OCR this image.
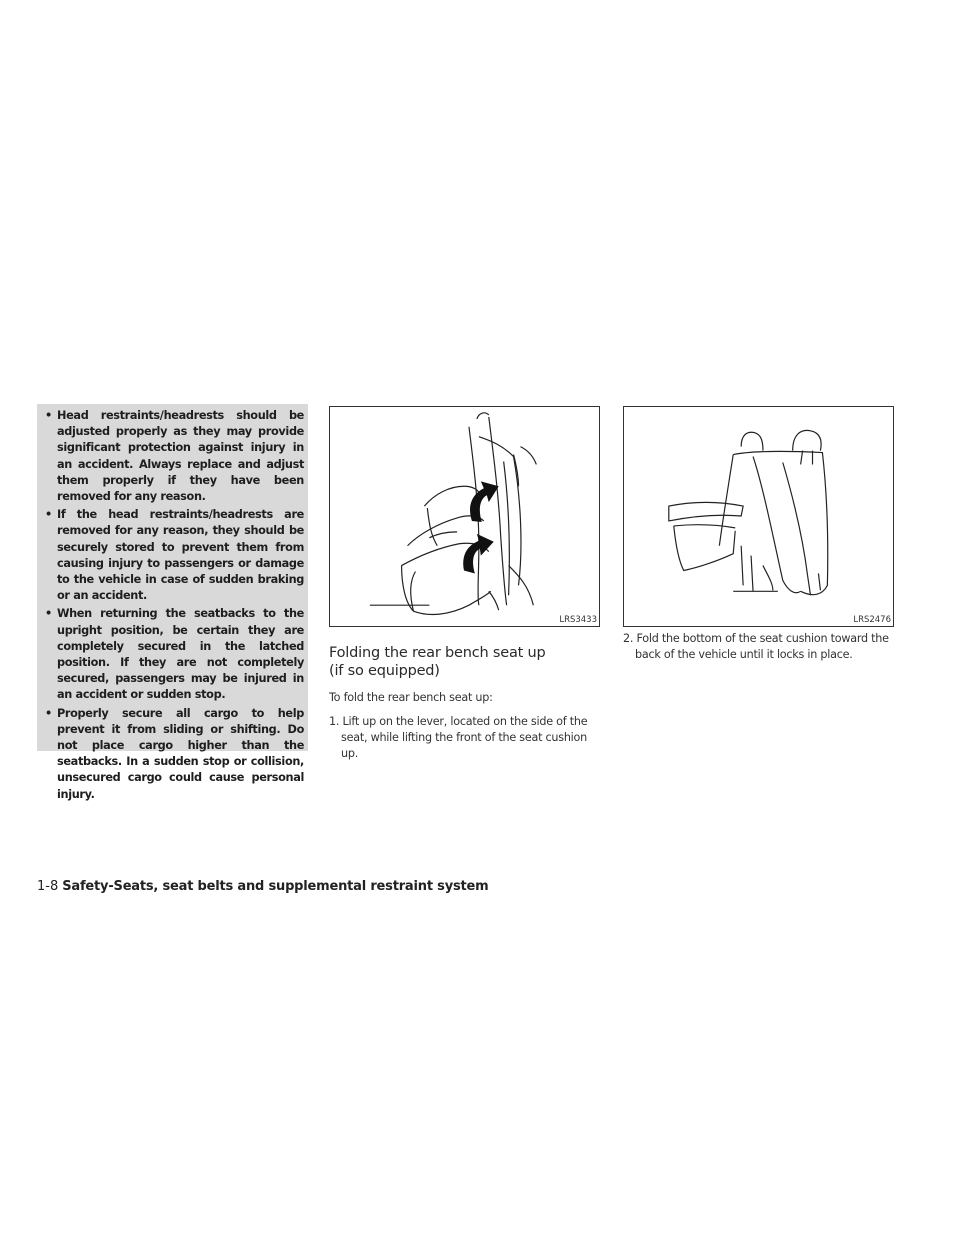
• Head restraints/headrests should be adjusted properly as they may provide significant protection against injury in an accident. Always replace and adjust them properly if they have been removed for any reason.
• If the head restraints/headrests are removed for any reason, they should be securely stored to prevent them from causing injury to passengers or damage to the vehicle in case of sudden braking or an accident.
• When returning the seatbacks to the upright position, be certain they are completely secured in the latched position. If they are not completely secured, passengers may be injured in an accident or sudden stop.
• Properly secure all cargo to help prevent it from sliding or shifting. Do not place cargo higher than the seatbacks. In a sudden stop or collision, unsecured cargo could cause personal injury.
LRS3433	LRS2476
Folding the rear bench seat up
(if so equipped)
To fold the rear bench seat up:
1. Lift up on the lever, located on the side of the seat, while lifting the front of the seat cushion up.
2. Fold the bottom of the seat cushion toward the back of the vehicle until it locks in place.
1-8 Safety-Seats, seat belts and supplemental restraint system
